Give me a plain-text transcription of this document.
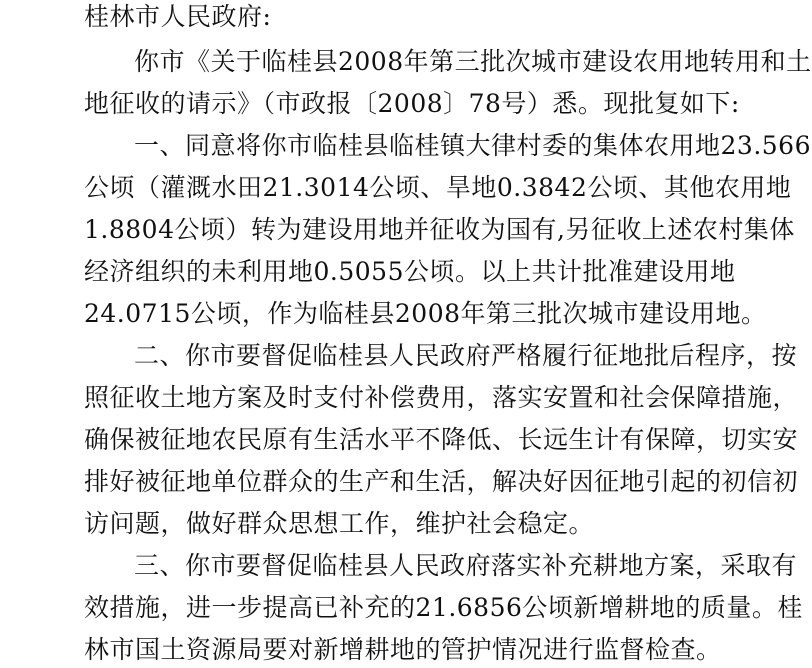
桂林市人民政府:
你市《关于临桂县2008年第三批次城市建设农用地转用和土
地征收的请示》（市政报〔2008〕78号）悉。现批复如下:
一、同意将你市临桂县临桂镇大律村委的集体农用地23.566
公顷（灌溉水田21.3014公顷、旱地0.3842公顷、其他农用地
1.8804公顷）转为建设用地并征收为国有,另征收上述农村集体
经济组织的未利用地0.5055公顷。以上共计批准建设用地
24.0715公顷，作为临桂县2008年第三批次城市建设用地。
二、你市要督促临桂县人民政府严格履行征地批后程序，按
照征收土地方案及时支付补偿费用，落实安置和社会保障措施，
确保被征地农民原有生活水平不降低、长远生计有保障，切实安
排好被征地单位群众的生产和生活，解决好因征地引起的初信初
访问题，做好群众思想工作，维护社会稳定。
三、你市要督促临桂县人民政府落实补充耕地方案，采取有
效措施，进一步提高已补充的21.6856公顷新增耕地的质量。桂
林市国土资源局要对新增耕地的管护情况进行监督检查。
